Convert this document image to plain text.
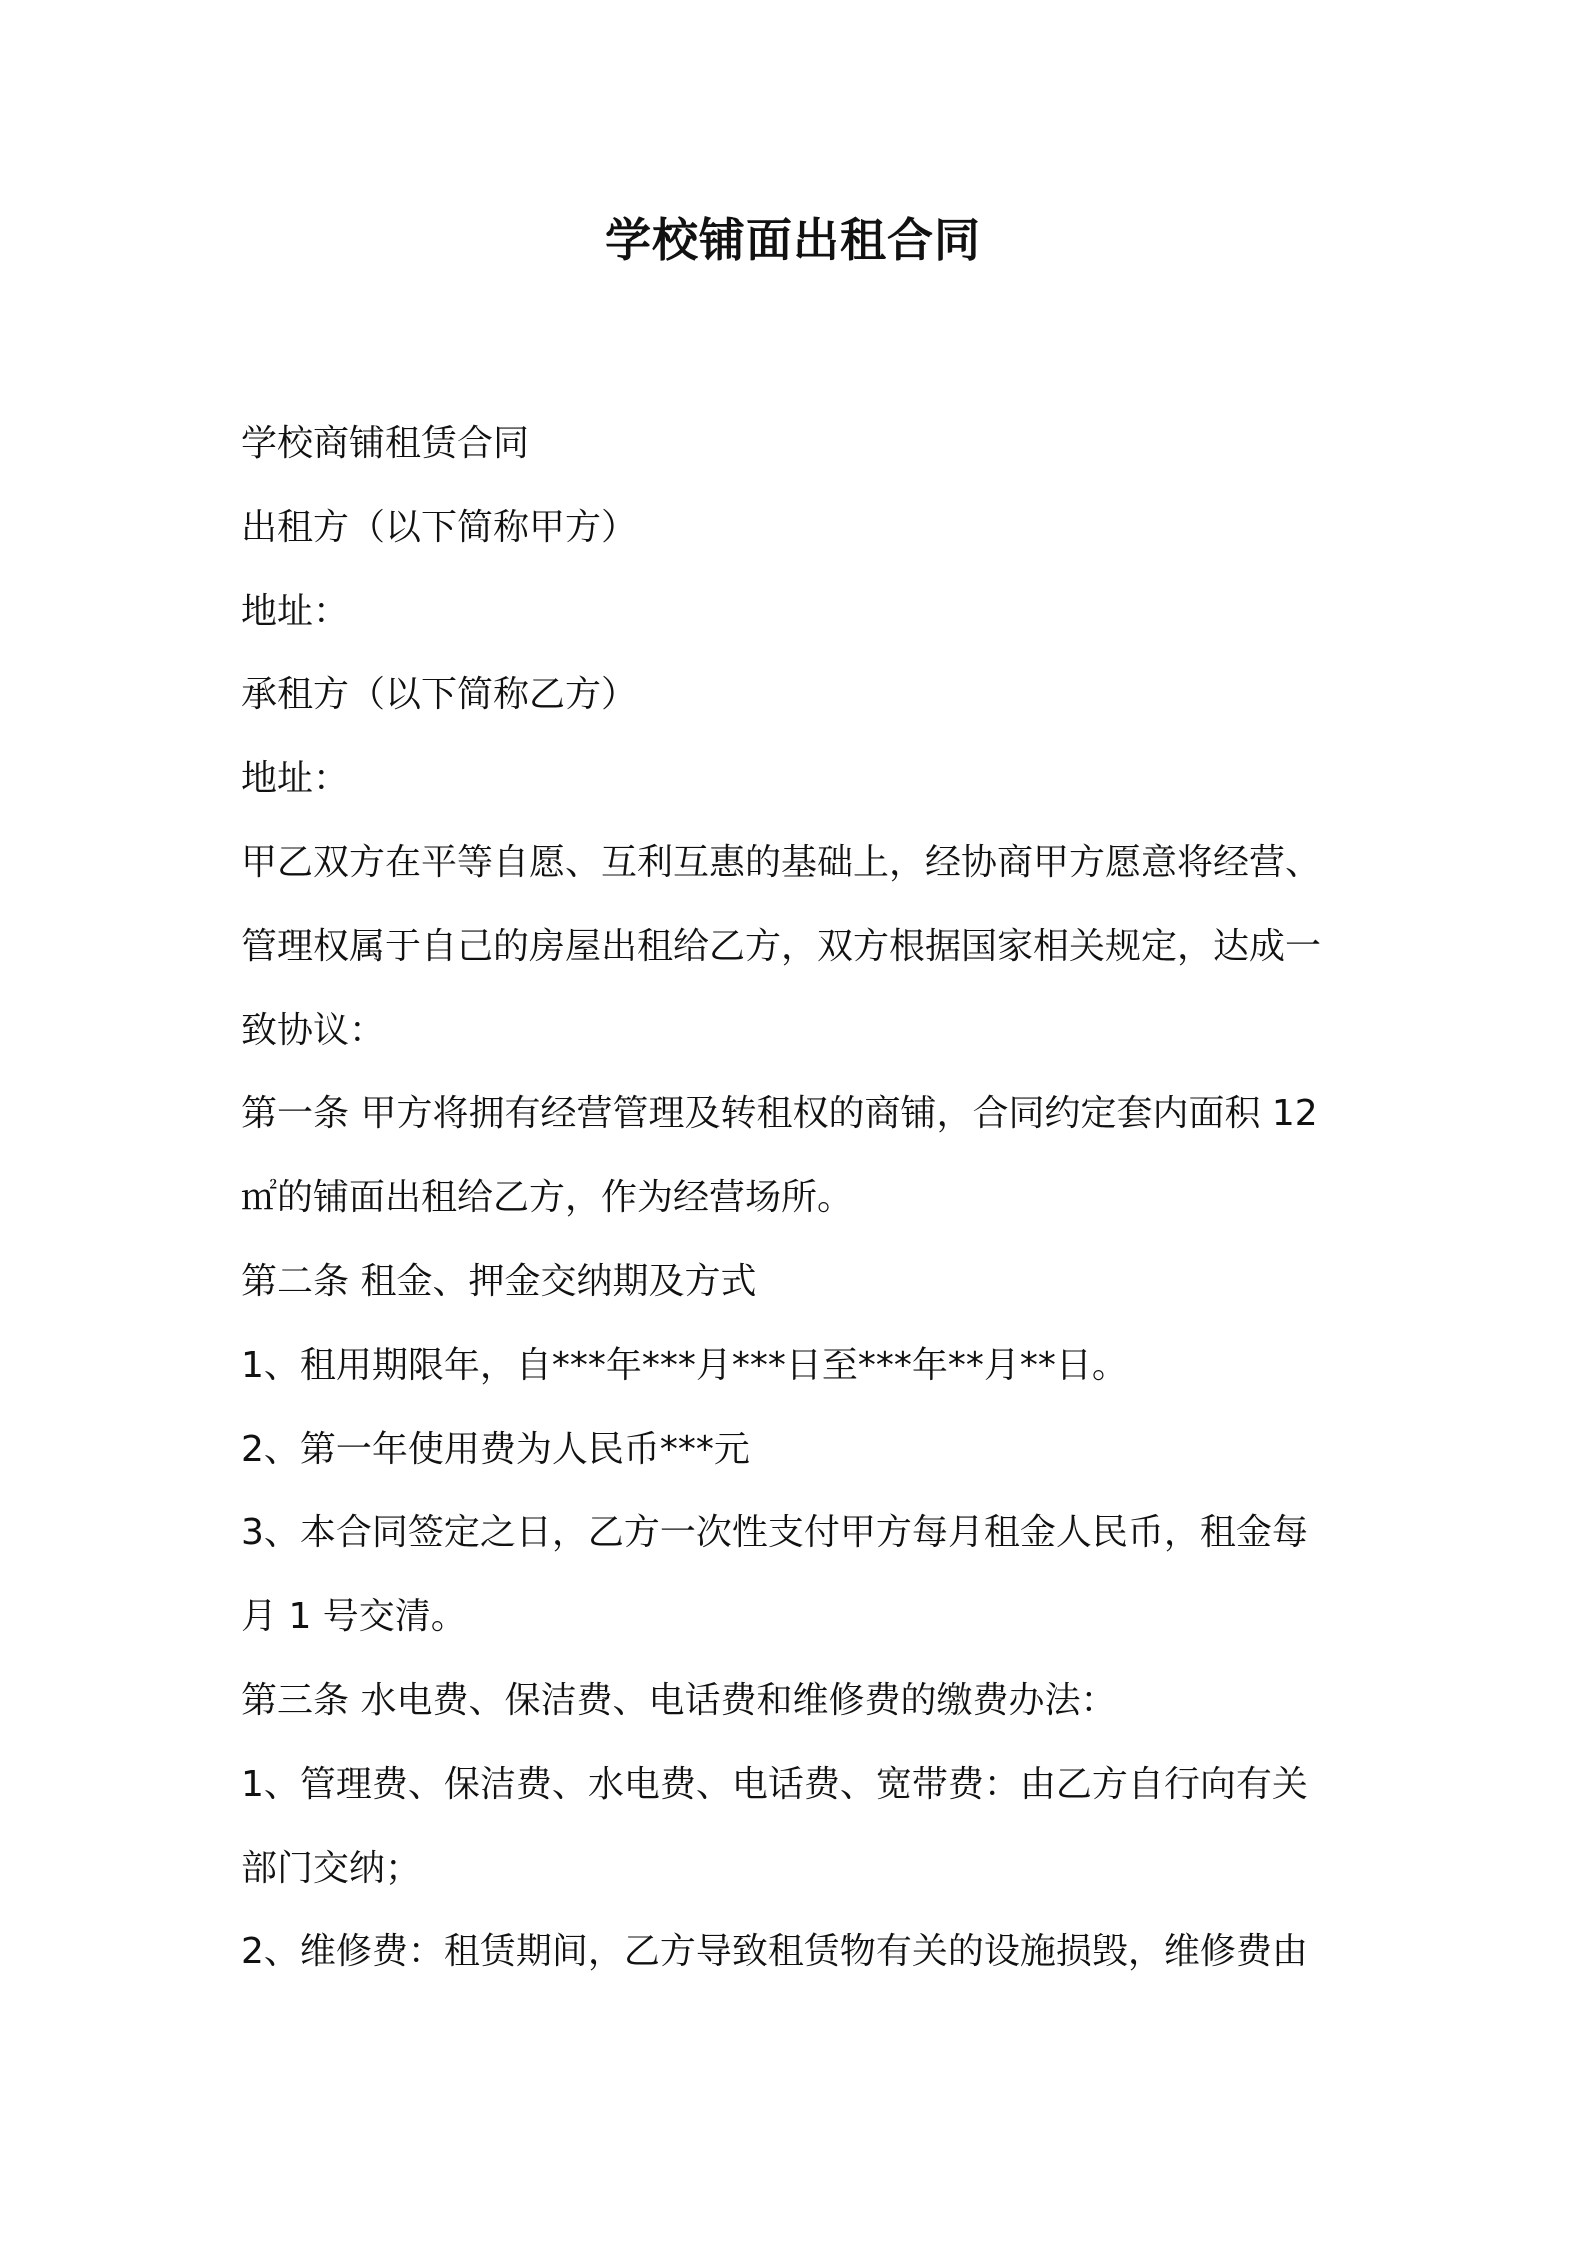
学校铺面出租合同
学校商铺租赁合同
出租方（以下简称甲方）
地址：
承租方（以下简称乙方）
地址：
甲乙双方在平等自愿、互利互惠的基础上，经协商甲方愿意将经营、
管理权属于自己的房屋出租给乙方，双方根据国家相关规定，达成一
致协议：
第一条 甲方将拥有经营管理及转租权的商铺，合同约定套内面积 12
㎡的铺面出租给乙方，作为经营场所。
第二条 租金、押金交纳期及方式
1、租用期限年，自***年***月***日至***年**月**日。
2、第一年使用费为人民币***元
3、本合同签定之日，乙方一次性支付甲方每月租金人民币，租金每
月 1 号交清。
第三条 水电费、保洁费、电话费和维修费的缴费办法：
1、管理费、保洁费、水电费、电话费、宽带费：由乙方自行向有关
部门交纳；
2、维修费：租赁期间，乙方导致租赁物有关的设施损毁，维修费由
